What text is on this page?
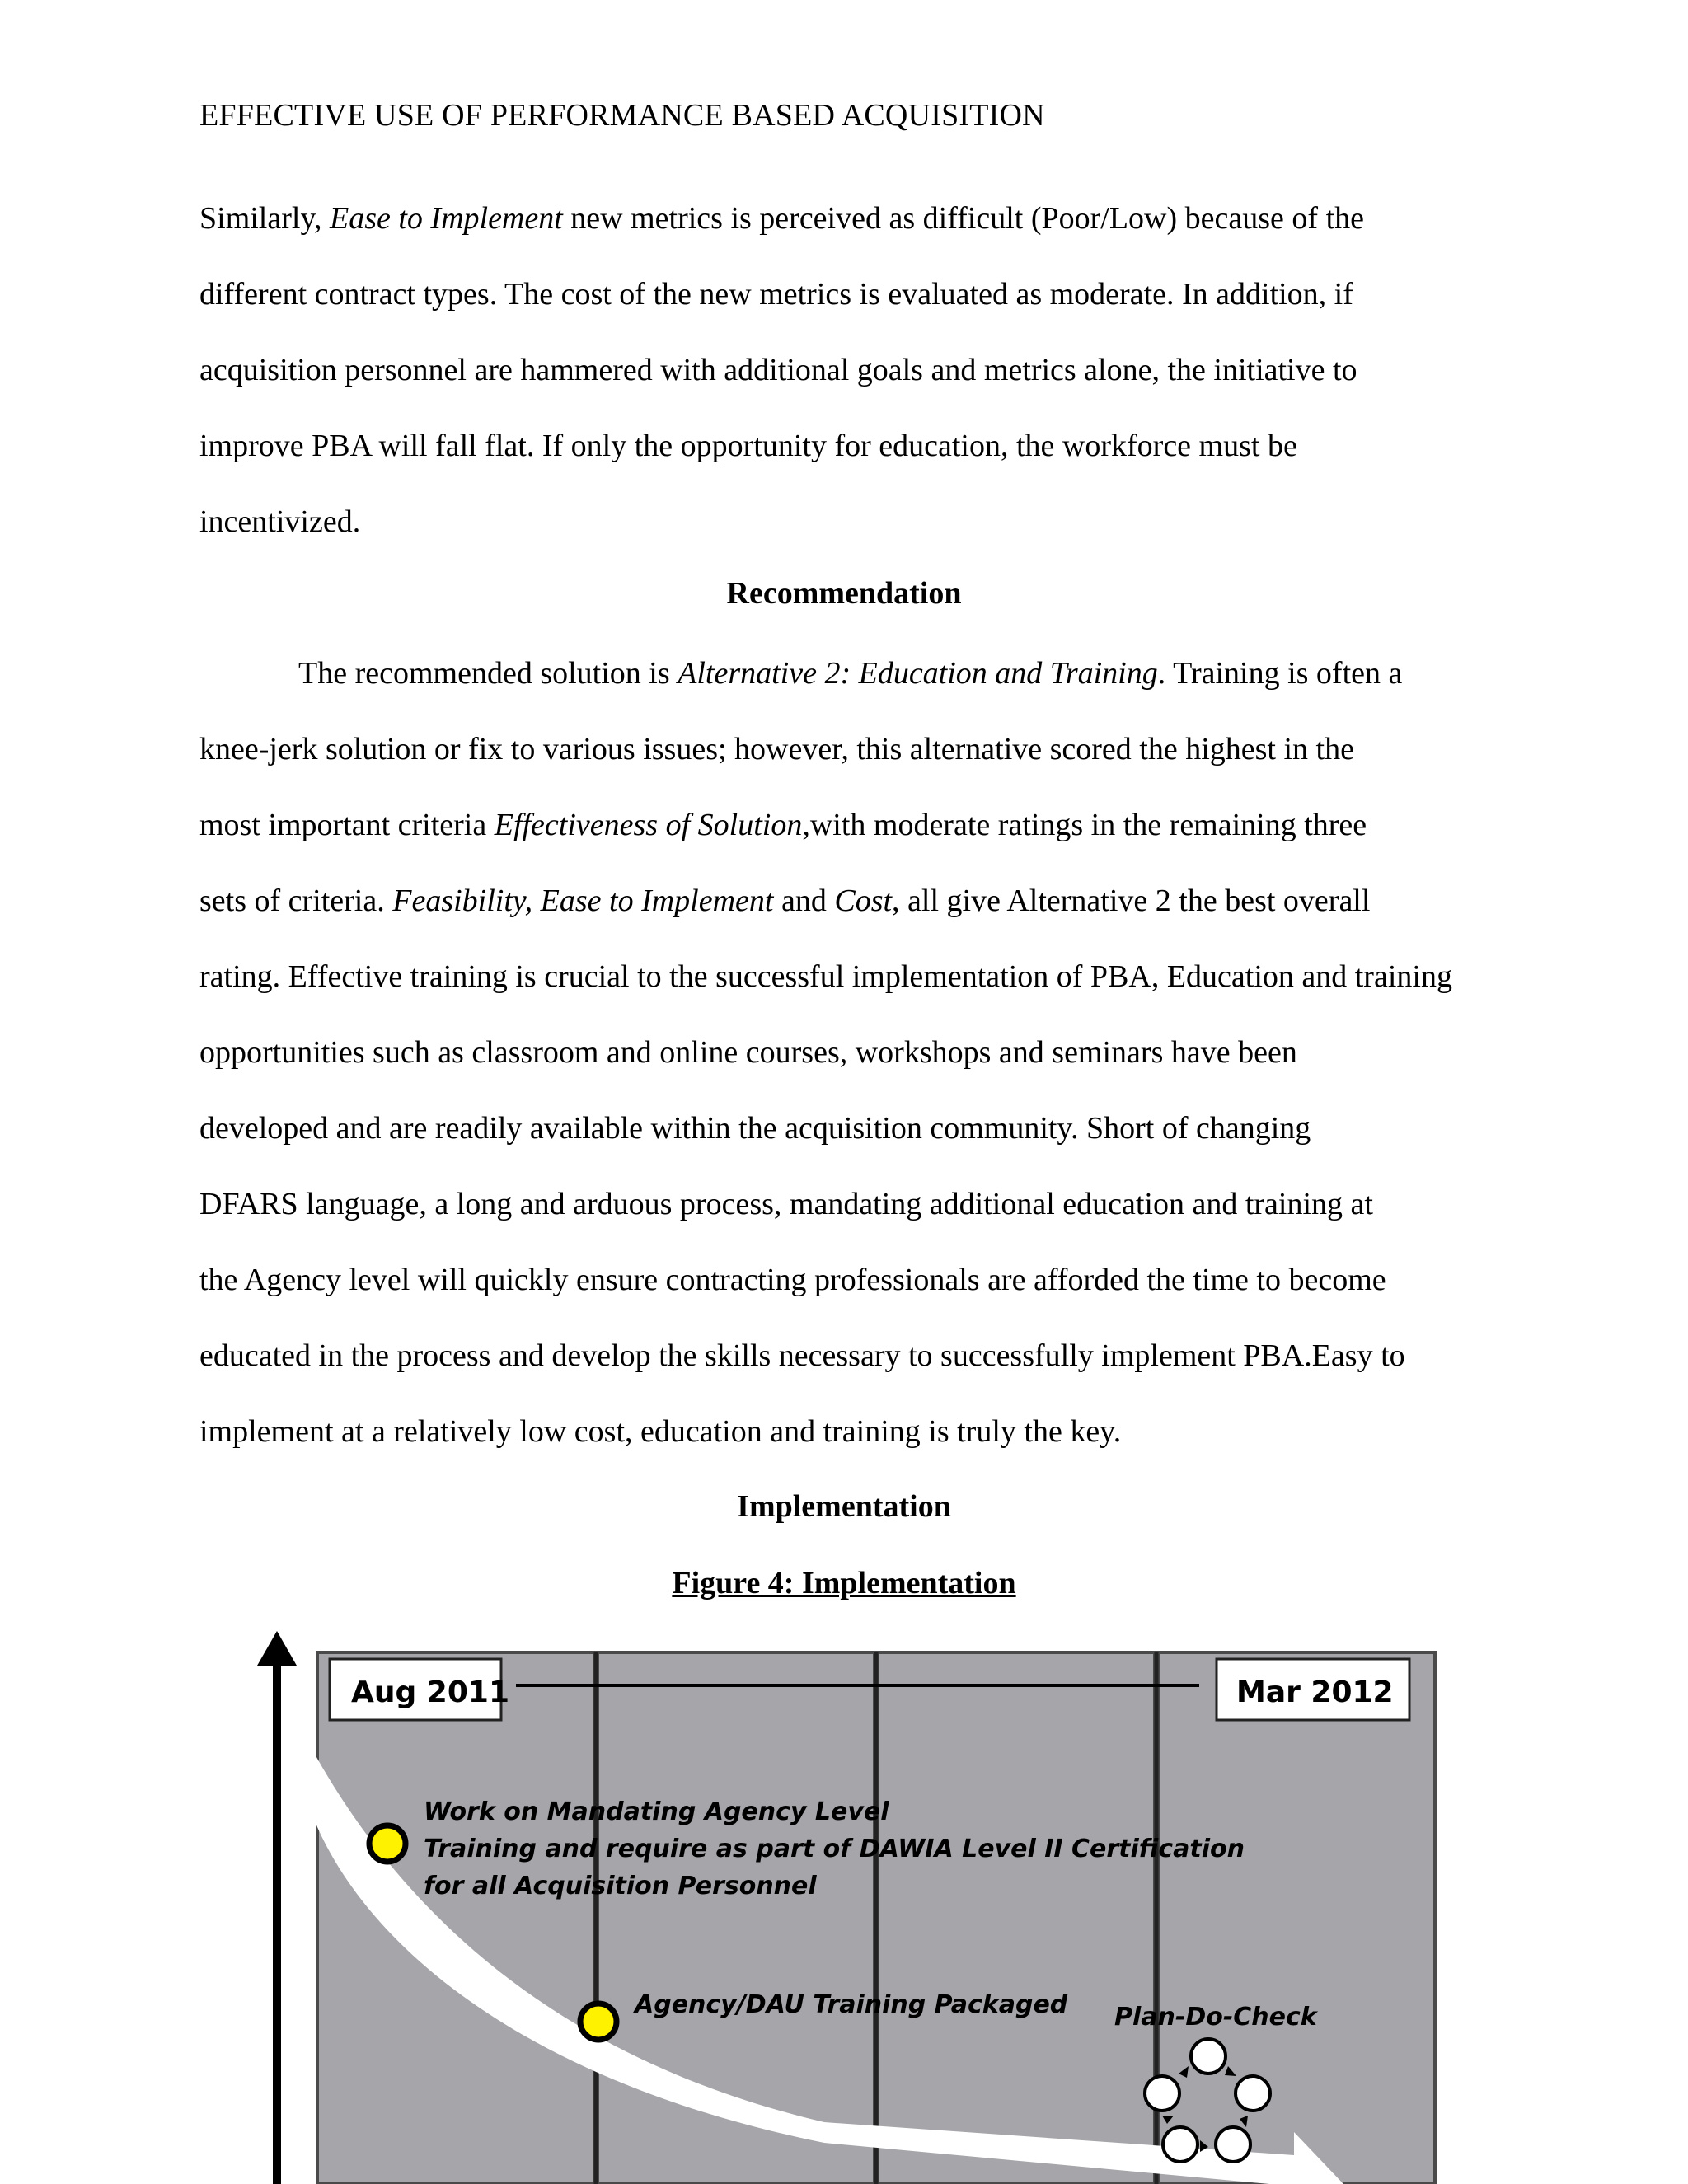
EFFECTIVE USE OF PERFORMANCE BASED ACQUISITION

Similarly, Ease to Implement new metrics is perceived as difficult (Poor/Low) because of the

different contract types. The cost of the new metrics is evaluated as moderate. In addition, if

acquisition personnel are hammered with additional goals and metrics alone, the initiative to

improve PBA will fall flat. If only the opportunity for education, the workforce must be

incentivized.

Recommendation

The recommended solution is Alternative 2: Education and Training. Training is often a

knee-jerk solution or fix to various issues; however, this alternative scored the highest in the

most important criteria Effectiveness of Solution,with moderate ratings in the remaining three

sets of criteria. Feasibility, Ease to Implement and Cost, all give Alternative 2 the best overall

rating. Effective training is crucial to the successful implementation of PBA, Education and training

opportunities such as classroom and online courses, workshops and seminars have been

developed and are readily available within the acquisition community. Short of changing

DFARS language, a long and arduous process, mandating additional education and training at

the Agency level will quickly ensure contracting professionals are afforded the time to become

educated in the process and develop the skills necessary to successfully implement PBA.Easy to

implement at a relatively low cost, education and training is truly the key.

Implementation
Figure 4: Implementation
Aug 2011	Mar 2012
Work on Mandating Agency Level
Training and require as part of DAWIA Level II Certification
for all Acquisition Personnel
Agency/DAU Training Packaged Plan-Do-Check
